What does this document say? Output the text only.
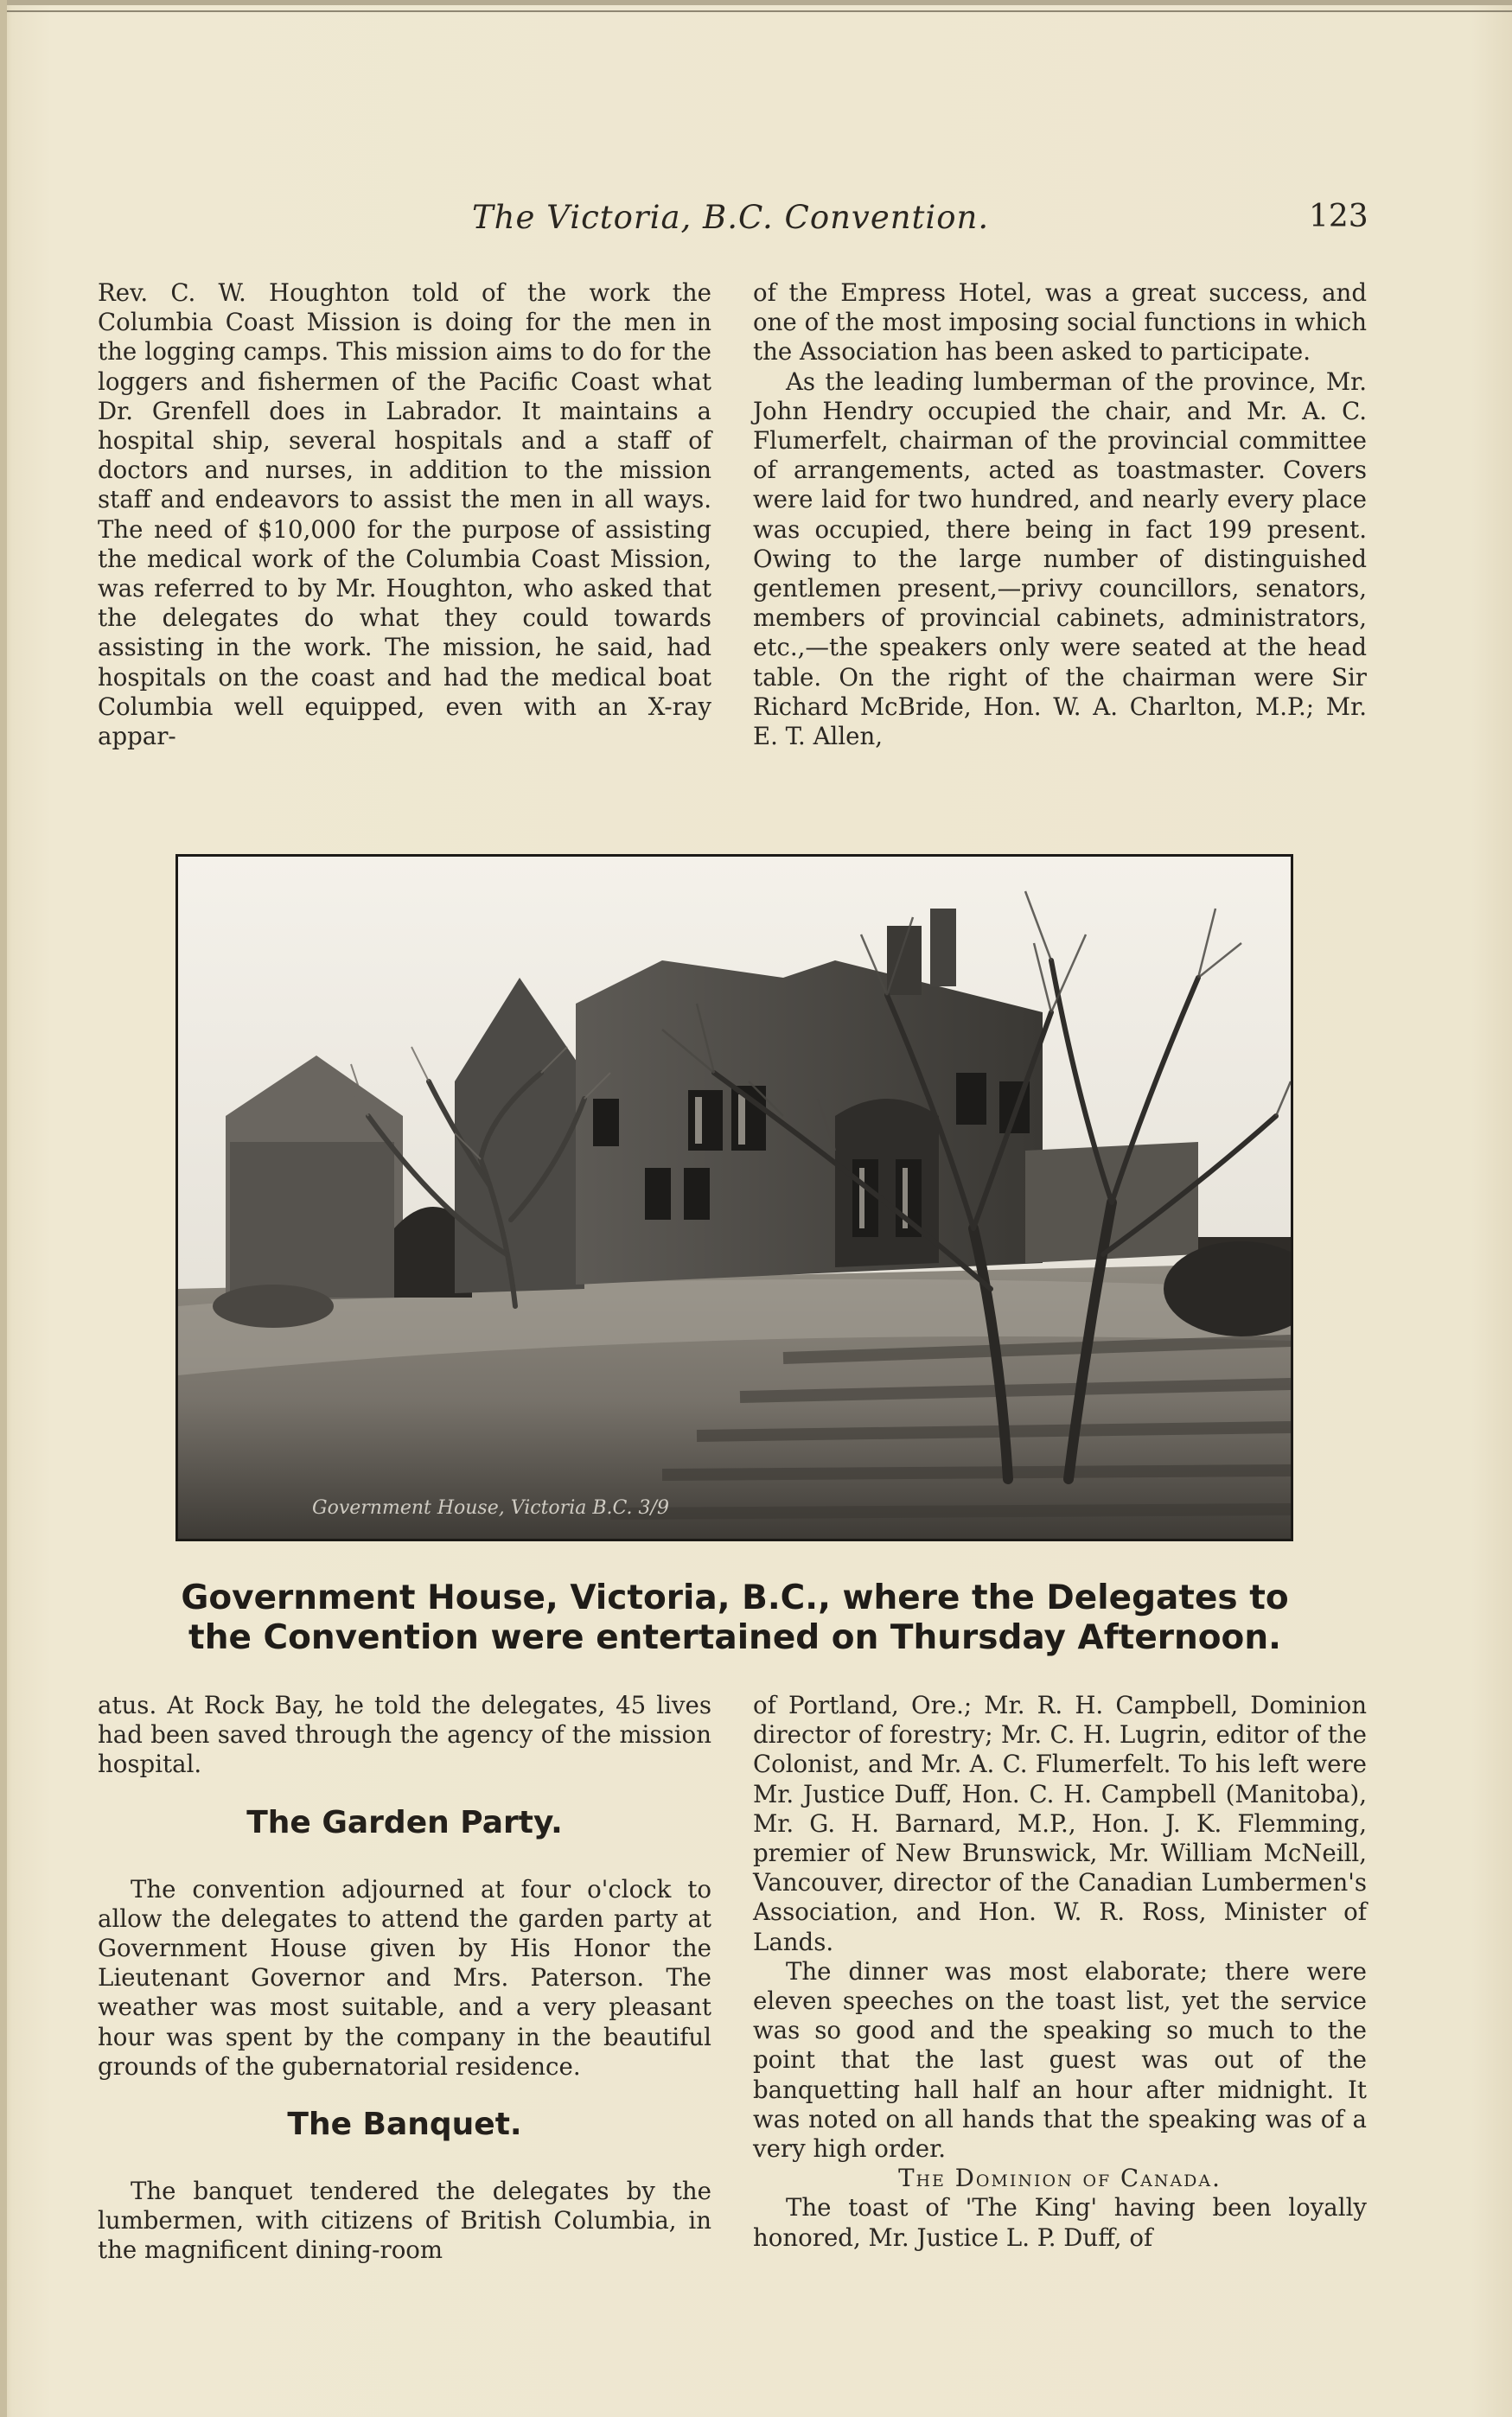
The Victoria, B.C. Convention.	123

Rev. C. W. Houghton told of the work the Columbia Coast Mission is doing for the men in the logging camps. This mission aims to do for the loggers and fishermen of the Pacific Coast what Dr. Grenfell does in Labrador. It maintains a hospital ship, several hospitals and a staff of doctors and nurses, in addition to the mission staff and endeavors to assist the men in all ways. The need of $10,000 for the purpose of assisting the medical work of the Columbia Coast Mission, was referred to by Mr. Houghton, who asked that the delegates do what they could towards assisting in the work. The mission, he said, had hospitals on the coast and had the medical boat Columbia well equipped, even with an X-ray appar-

of the Empress Hotel, was a great success, and one of the most imposing social functions in which the Association has been asked to participate.

As the leading lumberman of the province, Mr. John Hendry occupied the chair, and Mr. A. C. Flumerfelt, chairman of the provincial committee of arrangements, acted as toastmaster. Covers were laid for two hundred, and nearly every place was occupied, there being in fact 199 present. Owing to the large number of distinguished gentlemen present,—privy councillors, senators, members of provincial cabinets, administrators, etc.,—the speakers only were seated at the head table. On the right of the chairman were Sir Richard McBride, Hon. W. A. Charlton, M.P.; Mr. E. T. Allen,

Government House, Victoria B.C. 3/9
Government House, Victoria, B.C., where the Delegates to
the Convention were entertained on Thursday Afternoon.

atus. At Rock Bay, he told the delegates, 45 lives had been saved through the agency of the mission hospital.

The Garden Party.

The convention adjourned at four o'clock to allow the delegates to attend the garden party at Government House given by His Honor the Lieutenant Governor and Mrs. Paterson. The weather was most suitable, and a very pleasant hour was spent by the company in the beautiful grounds of the gubernatorial residence.

The Banquet.

The banquet tendered the delegates by the lumbermen, with citizens of British Columbia, in the magnificent dining-room

of Portland, Ore.; Mr. R. H. Campbell, Dominion director of forestry; Mr. C. H. Lugrin, editor of the Colonist, and Mr. A. C. Flumerfelt. To his left were Mr. Justice Duff, Hon. C. H. Campbell (Manitoba), Mr. G. H. Barnard, M.P., Hon. J. K. Flemming, premier of New Brunswick, Mr. William McNeill, Vancouver, director of the Canadian Lumbermen's Association, and Hon. W. R. Ross, Minister of Lands.

The dinner was most elaborate; there were eleven speeches on the toast list, yet the service was so good and the speaking so much to the point that the last guest was out of the banquetting hall half an hour after midnight. It was noted on all hands that the speaking was of a very high order.

The Dominion of Canada.

The toast of 'The King' having been loyally honored, Mr. Justice L. P. Duff, of
